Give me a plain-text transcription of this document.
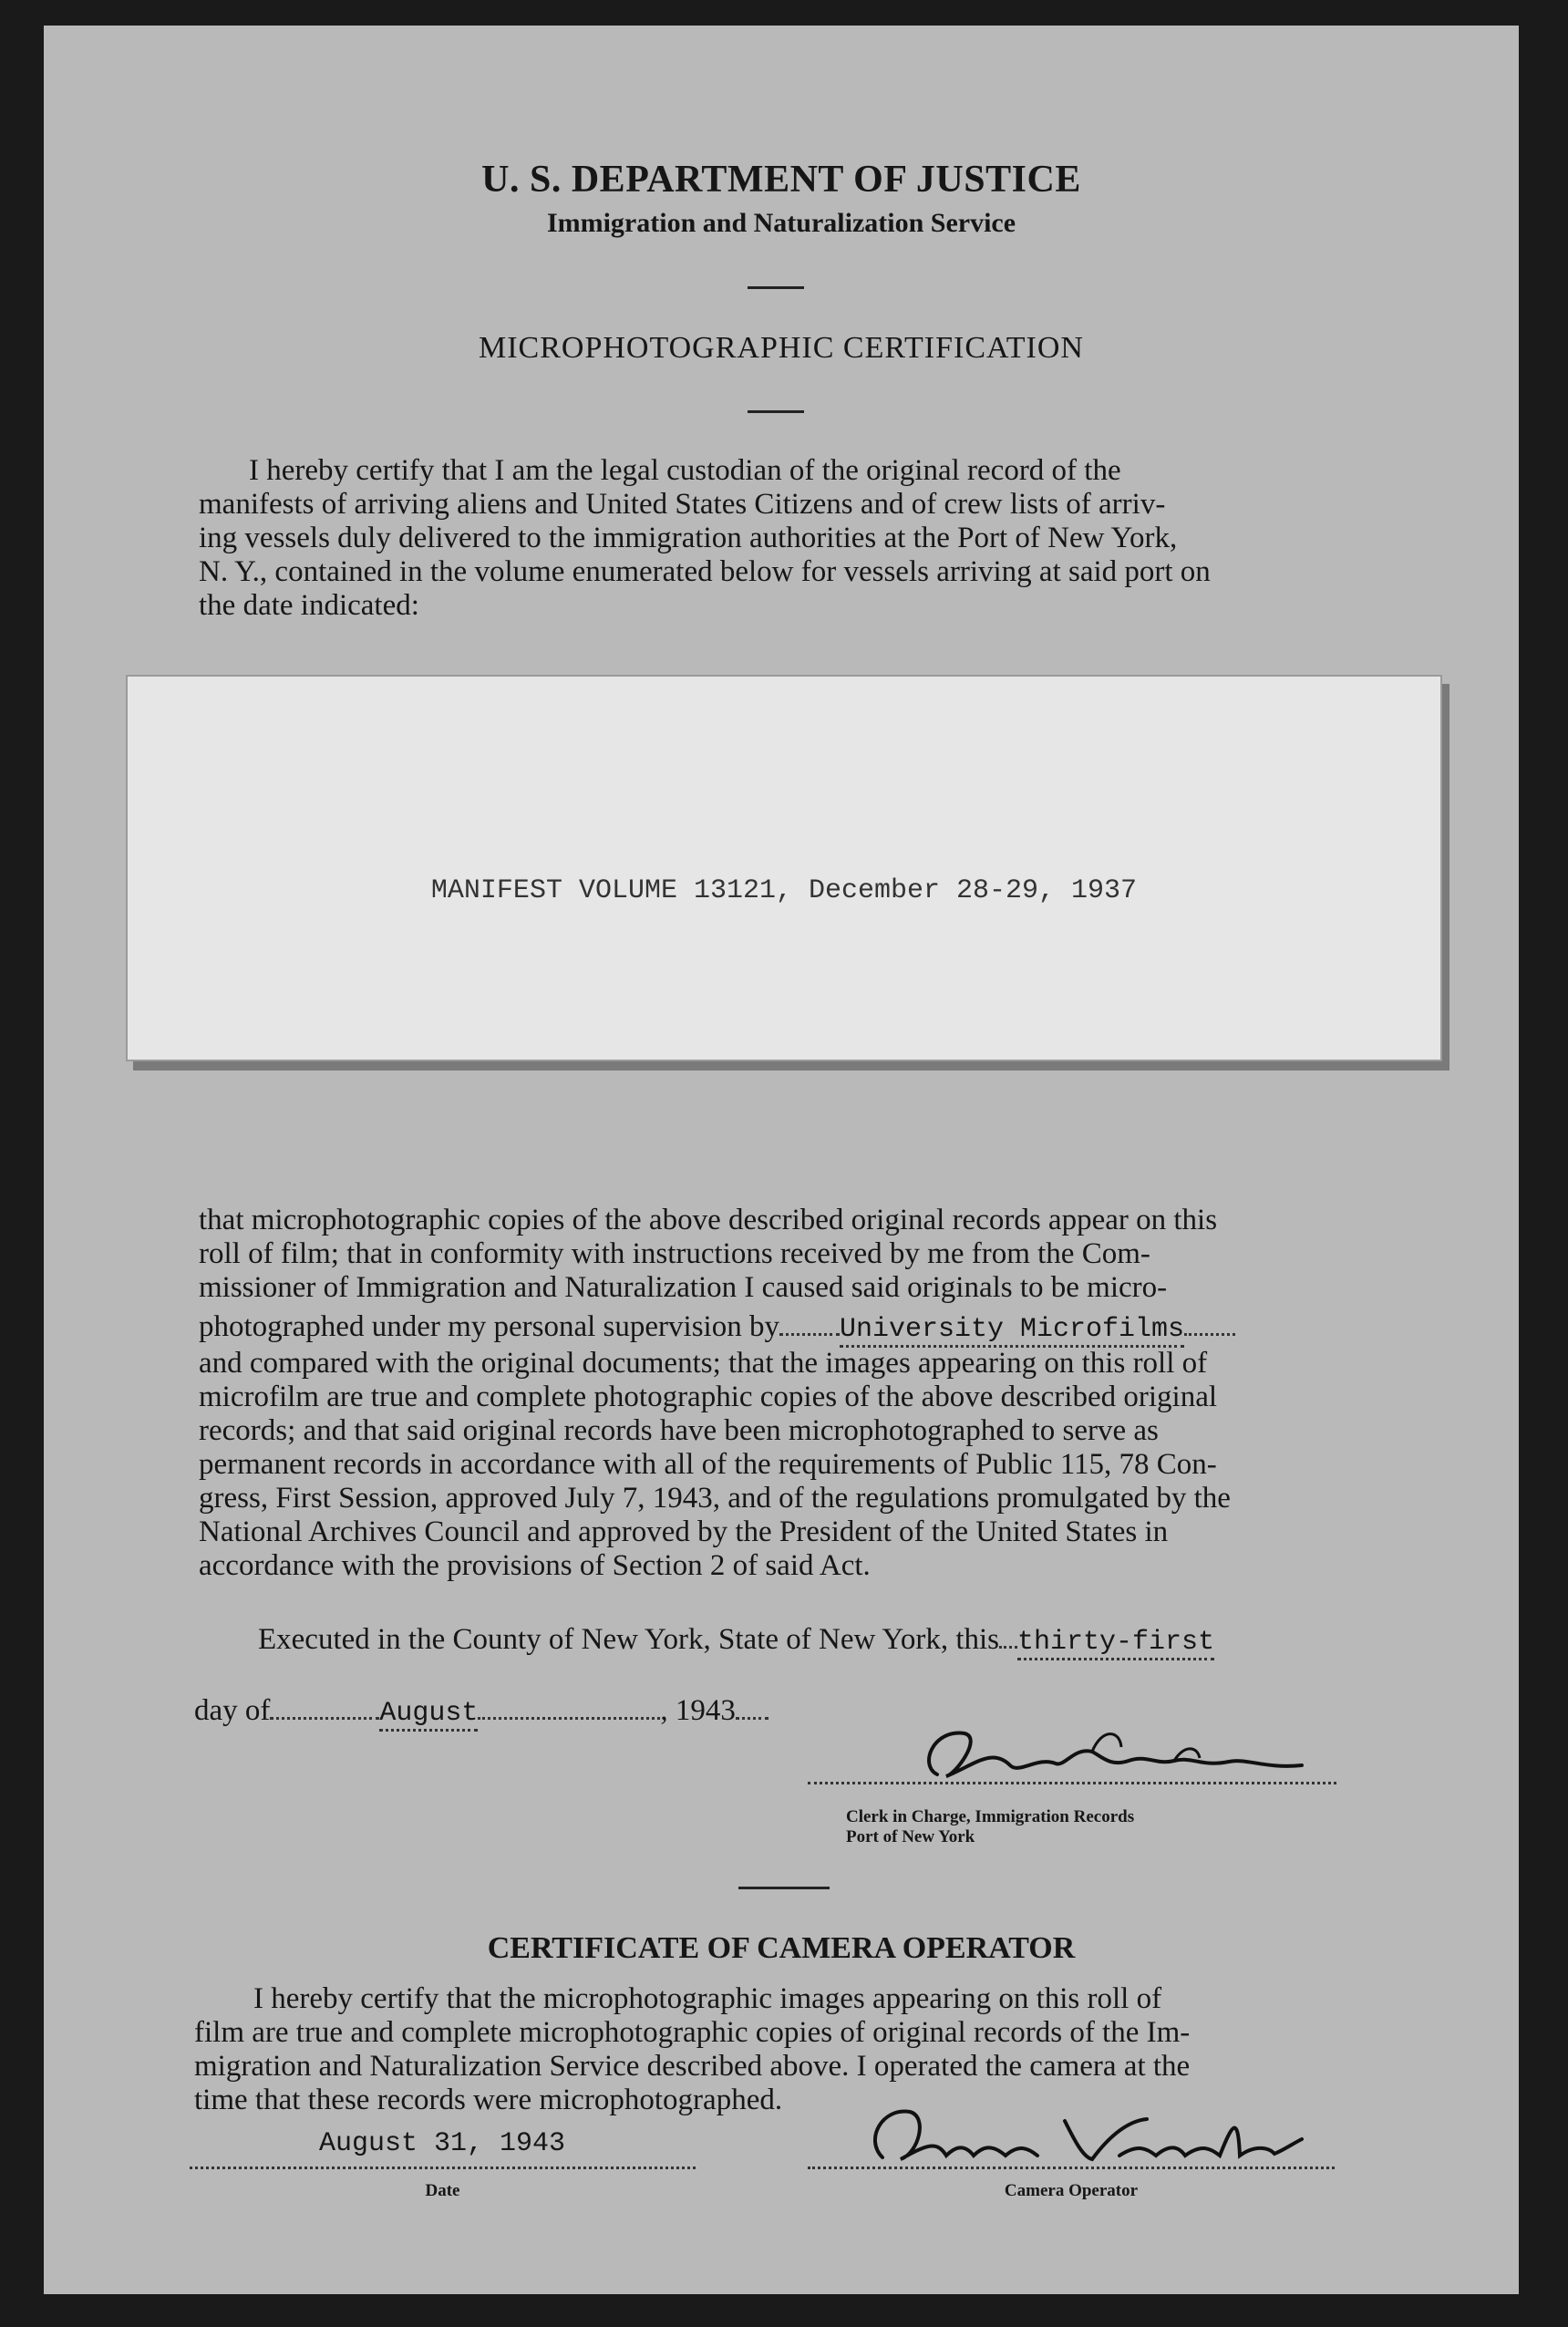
U. S. DEPARTMENT OF JUSTICE
Immigration and Naturalization Service
MICROPHOTOGRAPHIC CERTIFICATION

I hereby certify that I am the legal custodian of the original record of the

manifests of arriving aliens and United States Citizens and of crew lists of arriv-

ing vessels duly delivered to the immigration authorities at the Port of New York,

N. Y., contained in the volume enumerated below for vessels arriving at said port on

the date indicated:

MANIFEST VOLUME 13121, December 28-29, 1937

that microphotographic copies of the above described original records appear on this

roll of film; that in conformity with instructions received by me from the Com-

missioner of Immigration and Naturalization I caused said originals to be micro-

photographed under my personal supervision by University Microfilms

and compared with the original documents; that the images appearing on this roll of

microfilm are true and complete photographic copies of the above described original

records; and that said original records have been microphotographed to serve as

permanent records in accordance with all of the requirements of Public 115, 78 Con-

gress, First Session, approved July 7, 1943, and of the regulations promulgated by the

National Archives Council and approved by the President of the United States in

accordance with the provisions of Section 2 of said Act.

Executed in the County of New York, State of New York, this thirty-first
day of	August	, 1943
Clerk in Charge, Immigration Records
Port of New York
CERTIFICATE OF CAMERA OPERATOR

I hereby certify that the microphotographic images appearing on this roll of

film are true and complete microphotographic copies of original records of the Im-

migration and Naturalization Service described above. I operated the camera at the

time that these records were microphotographed.

August 31, 1943
Date	Camera Operator
